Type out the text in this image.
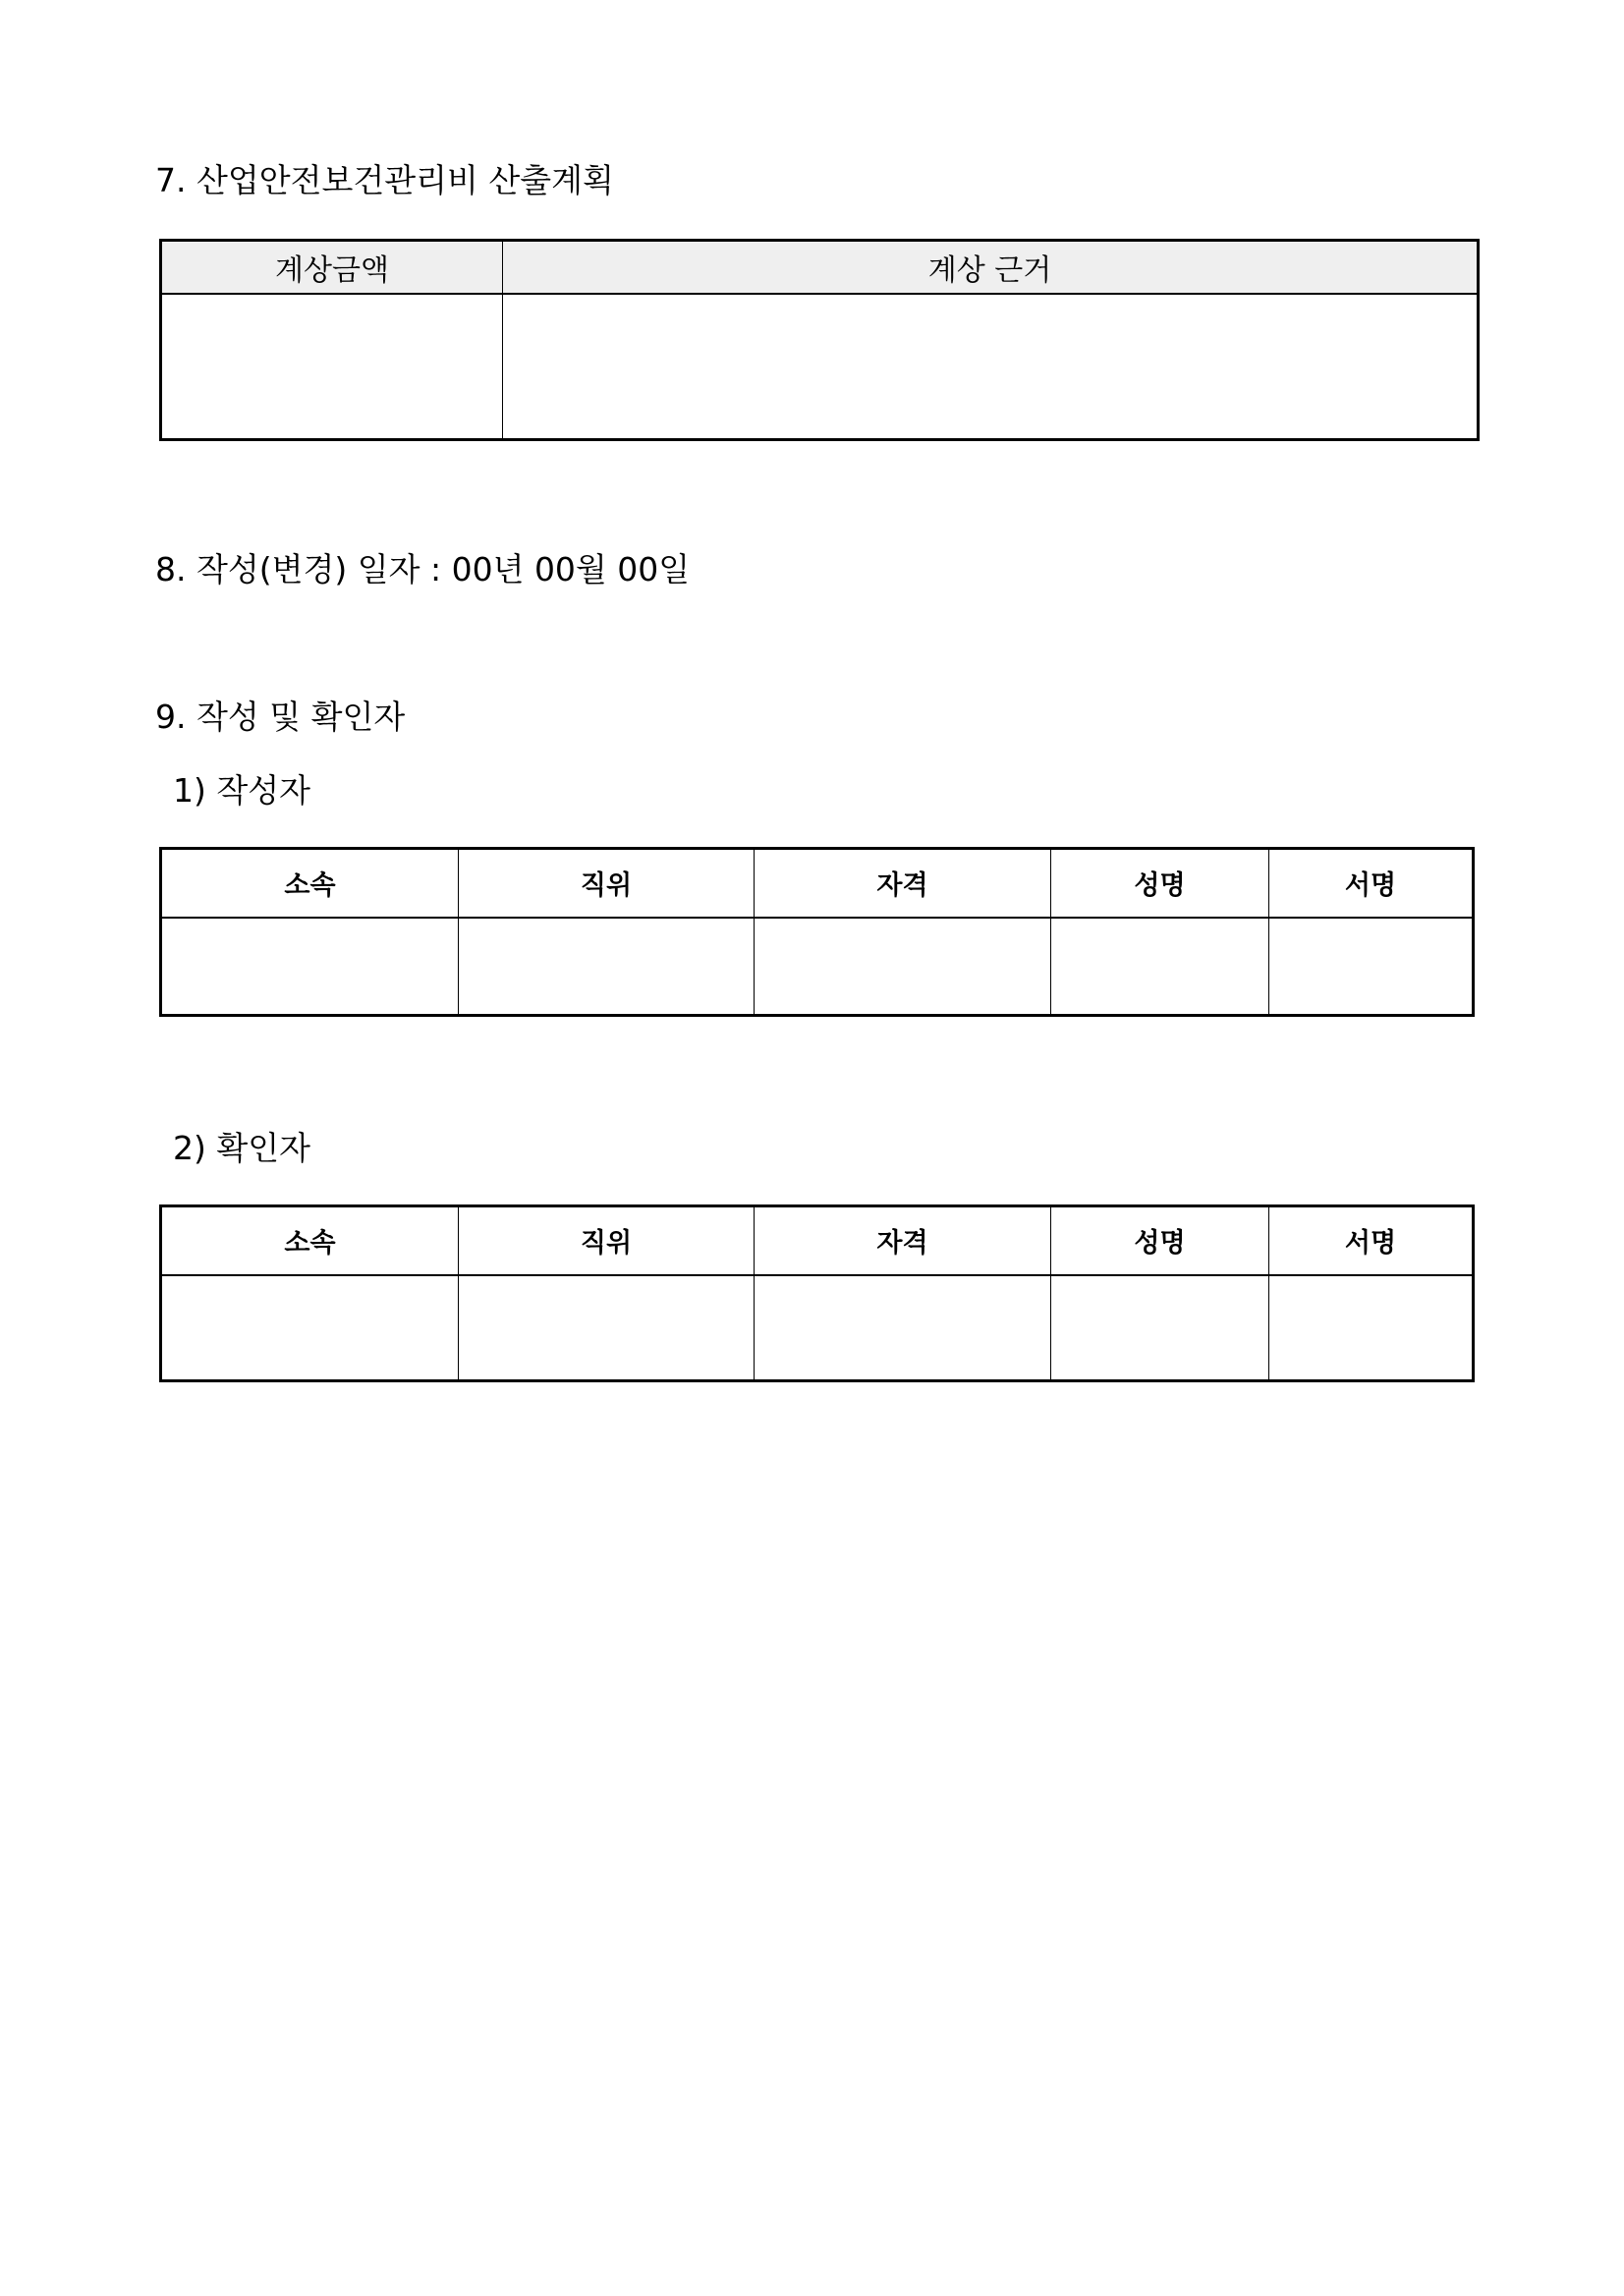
7. 산업안전보건관리비 산출계획
계상금액	계상 근거

8. 작성(변경) 일자 : 00년 00월 00일
9. 작성 및 확인자
1) 작성자
소속	직위	자격	성명	서명

2) 확인자
소속	직위	자격	성명	서명
